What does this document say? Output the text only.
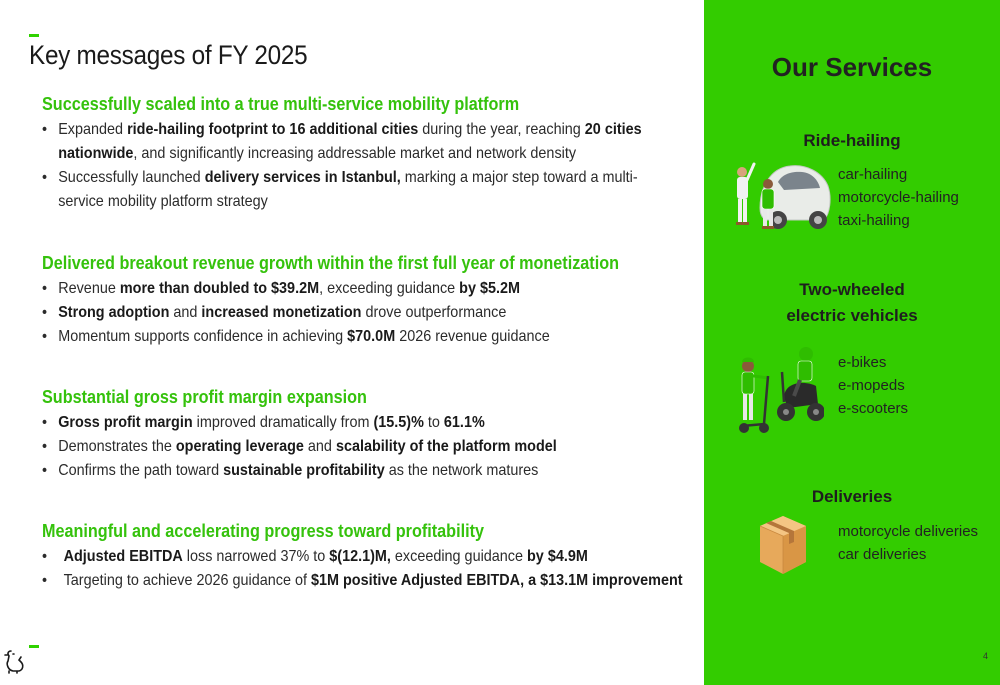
Key messages of FY 2025
Successfully scaled into a true multi-service mobility platform
• Expanded ride-hailing footprint to 16 additional cities during the year, reaching 20 cities nationwide, and significantly increasing addressable market and network density
• Successfully launched delivery services in Istanbul, marking a major step toward a multi-service mobility platform strategy
Delivered breakout revenue growth within the first full year of monetization
• Revenue more than doubled to $39.2M, exceeding guidance by $5.2M
• Strong adoption and increased monetization drove outperformance
• Momentum supports confidence in achieving $70.0M 2026 revenue guidance
Substantial gross profit margin expansion
• Gross profit margin improved dramatically from (15.5)% to 61.1%
• Demonstrates the operating leverage and scalability of the platform model
• Confirms the path toward sustainable profitability as the network matures
Meaningful and accelerating progress toward profitability
• Adjusted EBITDA loss narrowed 37% to $(12.1)M, exceeding guidance by $4.9M
• Targeting to achieve 2026 guidance of $1M positive Adjusted EBITDA, a $13.1M improvement
Our Services
Ride-hailing
car-hailing
motorcycle-hailing
taxi-hailing
Two-wheeled
electric vehicles
e-bikes
e-mopeds
e-scooters
Deliveries
motorcycle deliveries
car deliveries
4
